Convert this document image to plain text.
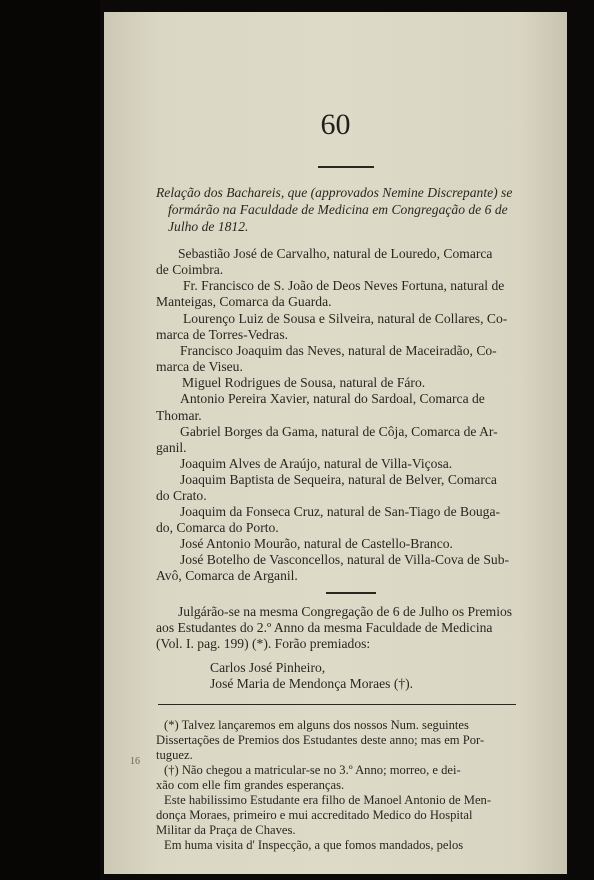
60
Relação dos Bachareis, que (approvados Nemine Discrepante) se
formárão na Faculdade de Medicina em Congregação de 6 de
Julho de 1812.
Sebastião José de Carvalho, natural de Louredo, Comarca
de Coimbra.
Fr. Francisco de S. João de Deos Neves Fortuna, natural de
Manteigas, Comarca da Guarda.
Lourenço Luiz de Sousa e Silveira, natural de Collares, Co-
marca de Torres-Vedras.
Francisco Joaquim das Neves, natural de Maceiradão, Co-
marca de Viseu.
Miguel Rodrigues de Sousa, natural de Fáro.
Antonio Pereira Xavier, natural do Sardoal, Comarca de
Thomar.
Gabriel Borges da Gama, natural de Côja, Comarca de Ar-
ganil.
Joaquim Alves de Araújo, natural de Villa-Viçosa.
Joaquim Baptista de Sequeira, natural de Belver, Comarca
do Crato.
Joaquim da Fonseca Cruz, natural de San-Tiago de Bouga-
do, Comarca do Porto.
José Antonio Mourão, natural de Castello-Branco.
José Botelho de Vasconcellos, natural de Villa-Cova de Sub-
Avô, Comarca de Arganil.
Julgárão-se na mesma Congregação de 6 de Julho os Premios
aos Estudantes do 2.º Anno da mesma Faculdade de Medicina
(Vol. I. pag. 199) (*). Forão premiados:
Carlos José Pinheiro,
José Maria de Mendonça Moraes (†).
(*) Talvez lançaremos em alguns dos nossos Num. seguintes
Dissertações de Premios dos Estudantes deste anno; mas em Por-
tuguez.
(†) Não chegou a matricular-se no 3.º Anno; morreo, e dei-
xão com elle fim grandes esperanças.
Este habilissimo Estudante era filho de Manoel Antonio de Men-
donça Moraes, primeiro e mui accreditado Medico do Hospital
Militar da Praça de Chaves.
Em huma visita d' Inspecção, a que fomos mandados, pelos
16
